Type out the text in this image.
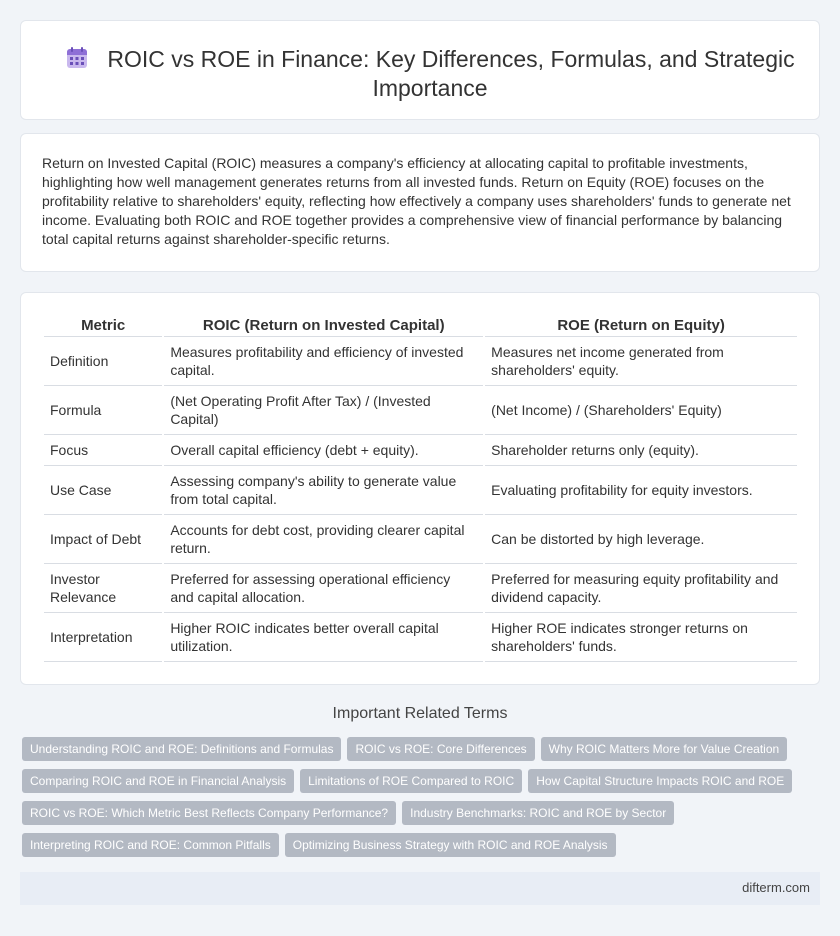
ROIC vs ROE in Finance: Key Differences, Formulas, and Strategic Importance

Return on Invested Capital (ROIC) measures a company's efficiency at allocating capital to profitable investments, highlighting how well management generates returns from all invested funds. Return on Equity (ROE) focuses on the profitability relative to shareholders' equity, reflecting how effectively a company uses shareholders' funds to generate net income. Evaluating both ROIC and ROE together provides a comprehensive view of financial performance by balancing total capital returns against shareholder-specific returns.

Metric	ROIC (Return on Invested Capital)	ROE (Return on Equity)
Definition	Measures profitability and efficiency of invested capital.	Measures net income generated from shareholders' equity.
Formula	(Net Operating Profit After Tax) / (Invested Capital)	(Net Income) / (Shareholders' Equity)
Focus	Overall capital efficiency (debt + equity).	Shareholder returns only (equity).
Use Case	Assessing company's ability to generate value from total capital.	Evaluating profitability for equity investors.
Impact of Debt	Accounts for debt cost, providing clearer capital return.	Can be distorted by high leverage.
Investor Relevance	Preferred for assessing operational efficiency and capital allocation.	Preferred for measuring equity profitability and dividend capacity.
Interpretation	Higher ROIC indicates better overall capital utilization.	Higher ROE indicates stronger returns on shareholders' funds.
Important Related Terms
Understanding ROIC and ROE: Definitions and Formulas ROIC vs ROE: Core Differences Why ROIC Matters More for Value Creation
Comparing ROIC and ROE in Financial Analysis Limitations of ROE Compared to ROIC How Capital Structure Impacts ROIC and ROE
ROIC vs ROE: Which Metric Best Reflects Company Performance? Industry Benchmarks: ROIC and ROE by Sector
Interpreting ROIC and ROE: Common Pitfalls Optimizing Business Strategy with ROIC and ROE Analysis
difterm.com
